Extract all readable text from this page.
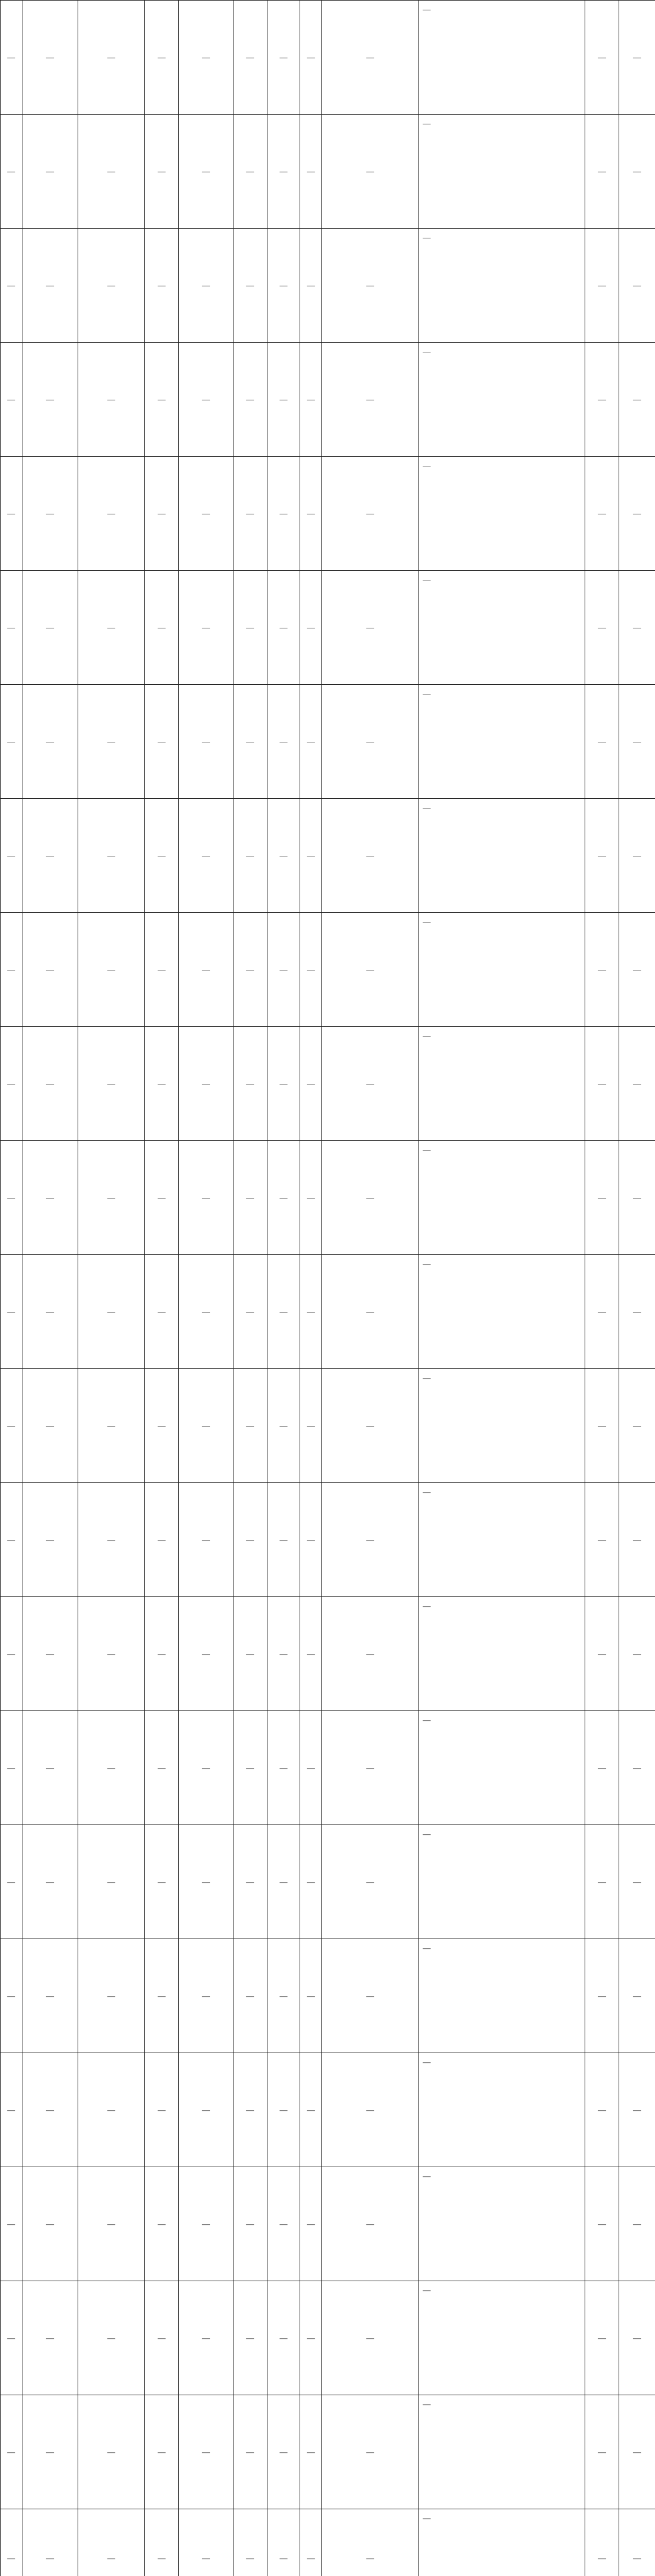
—	—	—	—	—	—	—	—	—	—	—	—
—	—	—	—	—	—	—	—	—	—	—	—
—	—	—	—	—	—	—	—	—	—	—	—
—	—	—	—	—	—	—	—	—	—	—	—
—	—	—	—	—	—	—	—	—	—	—	—
—	—	—	—	—	—	—	—	—	—	—	—
—	—	—	—	—	—	—	—	—	—	—	—
—	—	—	—	—	—	—	—	—	—	—	—
—	—	—	—	—	—	—	—	—	—	—	—
—	—	—	—	—	—	—	—	—	—	—	—
—	—	—	—	—	—	—	—	—	—	—	—
—	—	—	—	—	—	—	—	—	—	—	—
—	—	—	—	—	—	—	—	—	—	—	—
—	—	—	—	—	—	—	—	—	—	—	—
—	—	—	—	—	—	—	—	—	—	—	—
—	—	—	—	—	—	—	—	—	—	—	—
—	—	—	—	—	—	—	—	—	—	—	—
—	—	—	—	—	—	—	—	—	—	—	—
—	—	—	—	—	—	—	—	—	—	—	—
—	—	—	—	—	—	—	—	—	—	—	—
—	—	—	—	—	—	—	—	—	—	—	—
—	—	—	—	—	—	—	—	—	—	—	—
—	—	—	—	—	—	—	—	—	—	—	—
